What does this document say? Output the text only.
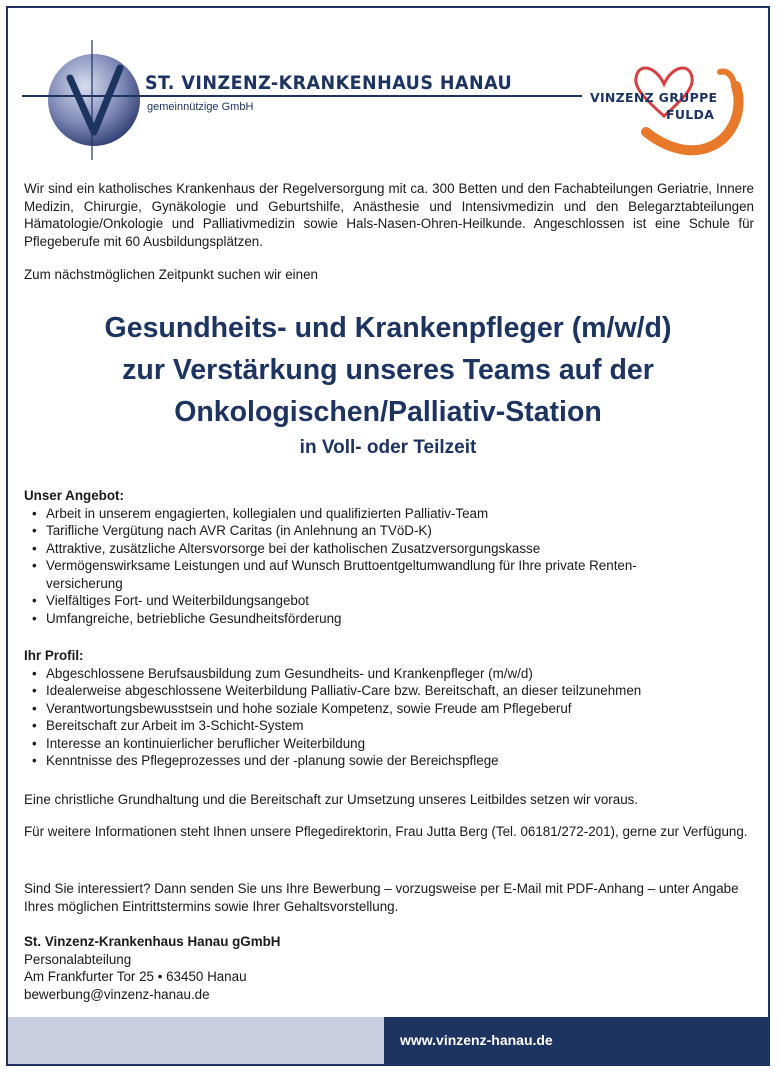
ST. VINZENZ-KRANKENHAUS HANAU
gemeinnützige GmbH
VINZENZ GRUPPE
FULDA
Wir sind ein katholisches Krankenhaus der Regelversorgung mit ca. 300 Betten und den Fachabteilungen Geriatrie, Innere Medizin, Chirurgie, Gynäkologie und Geburtshilfe, Anästhesie und Intensivmedizin und den Belegarztabteilungen Hämatologie/Onkologie und Palliativmedizin sowie Hals-Nasen-Ohren-Heilkunde. Angeschlossen ist eine Schule für Pflegeberufe mit 60 Ausbildungsplätzen.
Zum nächstmöglichen Zeitpunkt suchen wir einen
Gesundheits- und Krankenpfleger (m/w/d)
zur Verstärkung unseres Teams auf der
Onkologischen/Palliativ-Station
in Voll- oder Teilzeit
Unser Angebot:
• Arbeit in unserem engagierten, kollegialen und qualifizierten Palliativ-Team
• Tarifliche Vergütung nach AVR Caritas (in Anlehnung an TVöD-K)
• Attraktive, zusätzliche Altersvorsorge bei der katholischen Zusatzversorgungskasse
• Vermögenswirksame Leistungen und auf Wunsch Bruttoentgeltumwandlung für Ihre private Renten-
versicherung
• Vielfältiges Fort- und Weiterbildungsangebot
• Umfangreiche, betriebliche Gesundheitsförderung
Ihr Profil:
• Abgeschlossene Berufsausbildung zum Gesundheits- und Krankenpfleger (m/w/d)
• Idealerweise abgeschlossene Weiterbildung Palliativ-Care bzw. Bereitschaft, an dieser teilzunehmen
• Verantwortungsbewusstsein und hohe soziale Kompetenz, sowie Freude am Pflegeberuf
• Bereitschaft zur Arbeit im 3-Schicht-System
• Interesse an kontinuierlicher beruflicher Weiterbildung
• Kenntnisse des Pflegeprozesses und der -planung sowie der Bereichspflege
Eine christliche Grundhaltung und die Bereitschaft zur Umsetzung unseres Leitbildes setzen wir voraus.
Für weitere Informationen steht Ihnen unsere Pflegedirektorin, Frau Jutta Berg (Tel. 06181/272-201), gerne zur Verfügung.
Sind Sie interessiert? Dann senden Sie uns Ihre Bewerbung – vorzugsweise per E-Mail mit PDF-Anhang – unter Angabe Ihres möglichen Eintrittstermins sowie Ihrer Gehaltsvorstellung.
St. Vinzenz-Krankenhaus Hanau gGmbH
Personalabteilung
Am Frankfurter Tor 25 • 63450 Hanau
bewerbung@vinzenz-hanau.de
www.vinzenz-hanau.de
